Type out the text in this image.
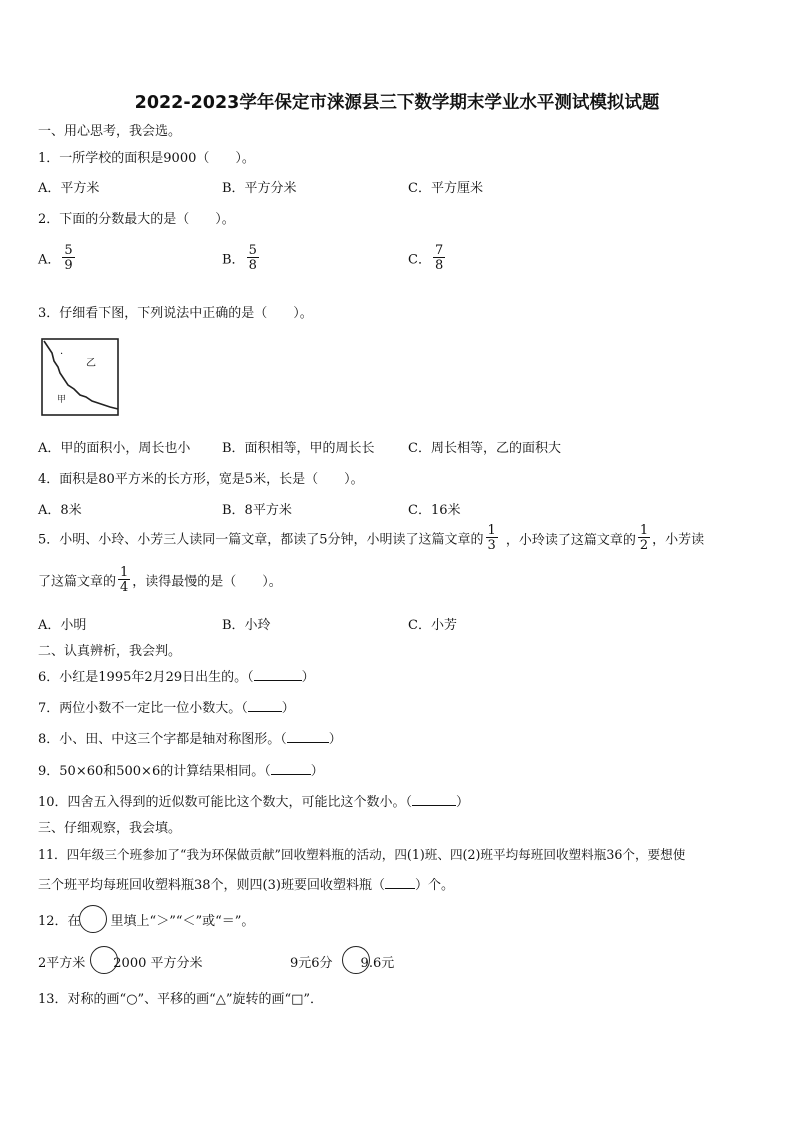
2022-2023学年保定市涞源县三下数学期末学业水平测试模拟试题
一、用心思考，我会选。
1．一所学校的面积是9000（　　）。
A．平方米	B．平方分米	C．平方厘米
2．下面的分数最大的是（　　）。
A． $\frac{5}{9}$	B． $\frac{5}{8}$	C． $\frac{7}{8}$
3．仔细看下图，下列说法中正确的是（　　）。
乙
·
甲
A．甲的面积小，周长也小 B．面积相等，甲的周长长	C．周长相等，乙的面积大
4．面积是80平方米的长方形，宽是5米，长是（　　）。
A．8米	B．8平方米	C．16米
5．小明、小玲、小芳三人读同一篇文章，都读了5分钟，小明读了这篇文章的 $\frac{1}{3}$ ，小玲读了这篇文章的 $\frac{1}{2}$ ，小芳读
了这篇文章的 $\frac{1}{4}$ ，读得最慢的是（　　）。
A．小明	B．小玲	C．小芳
二、认真辨析，我会判。
6．小红是1995年2月29日出生的。（	）
7．两位小数不一定比一位小数大。（	）
8．小、田、中这三个字都是轴对称图形。（	）
9．50×60和500×6的计算结果相同。（	）
10．四舍五入得到的近似数可能比这个数大，可能比这个数小。（	）
三、仔细观察，我会填。
11．四年级三个班参加了“我为环保做贡献”回收塑料瓶的活动，四(1)班、四(2)班平均每班回收塑料瓶36个，要想使
三个班平均每班回收塑料瓶38个，则四(3)班要回收塑料瓶（ ）个。
12．在 里填上“＞”“＜”或“＝”。
2平方米 2000 平方分米	9元6分 9.6元
13．对称的画“○”、平移的画“△”旋转的画“□”．
